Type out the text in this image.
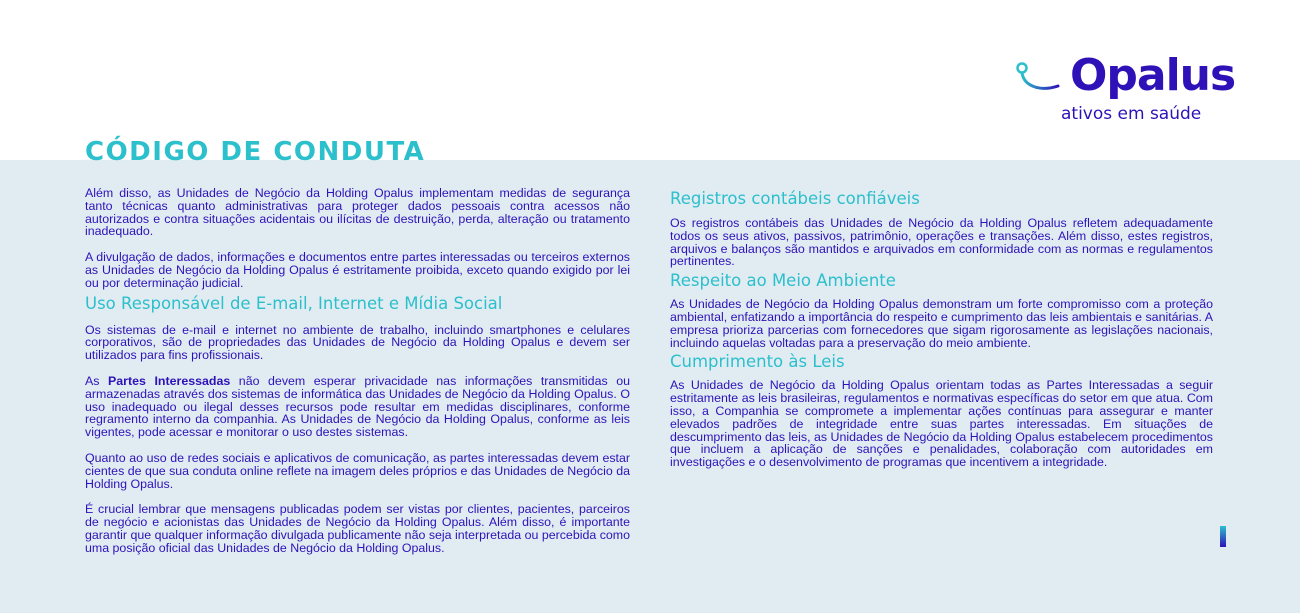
Opalus
ativos em saúde
CÓDIGO DE CONDUTA

Além disso, as Unidades de Negócio da Holding Opalus implementam medidas de segurança tanto técnicas quanto administrativas para proteger dados pessoais contra acessos não autorizados e contra situações acidentais ou ilícitas de destruição, perda, alteração ou tratamento inadequado.

A divulgação de dados, informações e documentos entre partes interessadas ou terceiros externos as Unidades de Negócio da Holding Opalus é estritamente proibida, exceto quando exigido por lei ou por determinação judicial.

Uso Responsável de E-mail, Internet e Mídia Social

Os sistemas de e-mail e internet no ambiente de trabalho, incluindo smartphones e celulares corporativos, são de propriedades das Unidades de Negócio da Holding Opalus e devem ser utilizados para fins profissionais.

As Partes Interessadas não devem esperar privacidade nas informações transmitidas ou armazenadas através dos sistemas de informática das Unidades de Negócio da Holding Opalus. O uso inadequado ou ilegal desses recursos pode resultar em medidas disciplinares, conforme regramento interno da companhia. As Unidades de Negócio da Holding Opalus, conforme as leis vigentes, pode acessar e monitorar o uso destes sistemas.

Quanto ao uso de redes sociais e aplicativos de comunicação, as partes interessadas devem estar cientes de que sua conduta online reflete na imagem deles próprios e das Unidades de Negócio da Holding Opalus.

É crucial lembrar que mensagens publicadas podem ser vistas por clientes, pacientes, parceiros de negócio e acionistas das Unidades de Negócio da Holding Opalus. Além disso, é importante garantir que qualquer informação divulgada publicamente não seja interpretada ou percebida como uma posição oficial das Unidades de Negócio da Holding Opalus.

Registros contábeis confiáveis

Os registros contábeis das Unidades de Negócio da Holding Opalus refletem adequadamente todos os seus ativos, passivos, patrimônio, operações e transações. Além disso, estes registros, arquivos e balanços são mantidos e arquivados em conformidade com as normas e regulamentos pertinentes.

Respeito ao Meio Ambiente

As Unidades de Negócio da Holding Opalus demonstram um forte compromisso com a proteção ambiental, enfatizando a importância do respeito e cumprimento das leis ambientais e sanitárias. A empresa prioriza parcerias com fornecedores que sigam rigorosamente as legislações nacionais, incluindo aquelas voltadas para a preservação do meio ambiente.

Cumprimento às Leis

As Unidades de Negócio da Holding Opalus orientam todas as Partes Interessadas a seguir estritamente as leis brasileiras, regulamentos e normativas específicas do setor em que atua. Com isso, a Companhia se compromete a implementar ações contínuas para assegurar e manter elevados padrões de integridade entre suas partes interessadas. Em situações de descumprimento das leis, as Unidades de Negócio da Holding Opalus estabelecem procedimentos que incluem a aplicação de sanções e penalidades, colaboração com autoridades em investigações e o desenvolvimento de programas que incentivem a integridade.
